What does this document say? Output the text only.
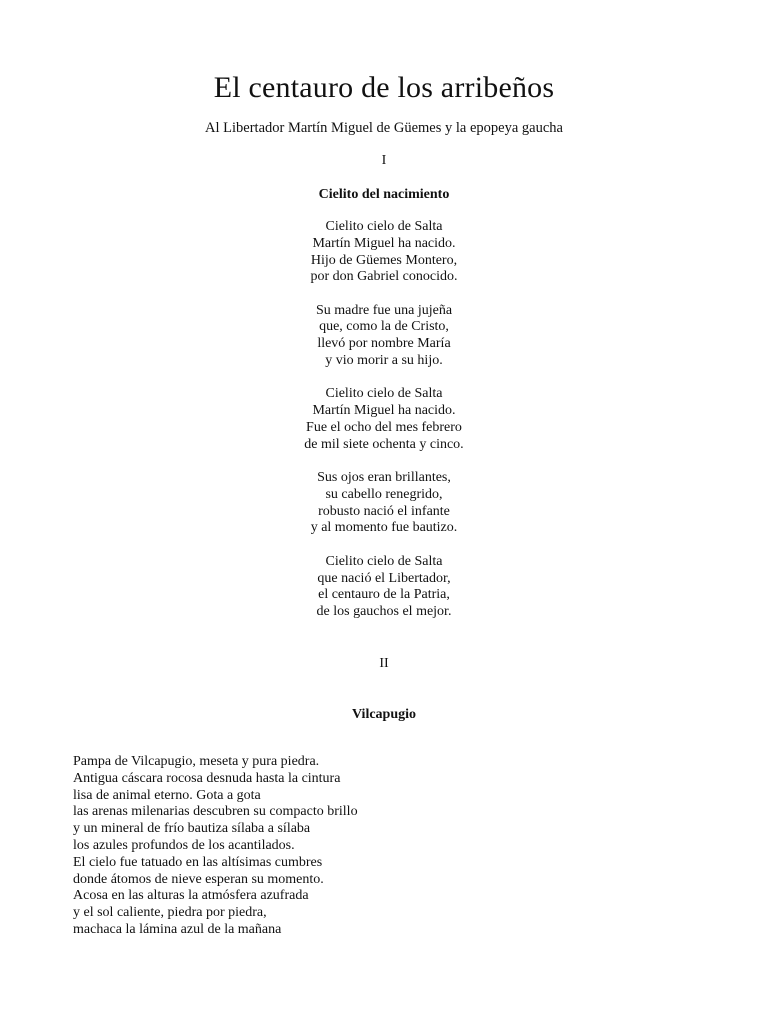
El centauro de los arribeños

Al Libertador Martín Miguel de Güemes y la epopeya gaucha

I

Cielito del nacimiento

Cielito cielo de Salta
Martín Miguel ha nacido.
Hijo de Güemes Montero,
por don Gabriel conocido.
Su madre fue una jujeña
que, como la de Cristo,
llevó por nombre María
y vio morir a su hijo.
Cielito cielo de Salta
Martín Miguel ha nacido.
Fue el ocho del mes febrero
de mil siete ochenta y cinco.
Sus ojos eran brillantes,
su cabello renegrido,
robusto nació el infante
y al momento fue bautizo.
Cielito cielo de Salta
que nació el Libertador,
el centauro de la Patria,
de los gauchos el mejor.

II

Vilcapugio

Pampa de Vilcapugio, meseta y pura piedra.
Antigua cáscara rocosa desnuda hasta la cintura
lisa de animal eterno. Gota a gota
las arenas milenarias descubren su compacto brillo
y un mineral de frío bautiza sílaba a sílaba
los azules profundos de los acantilados.
El cielo fue tatuado en las altísimas cumbres
donde átomos de nieve esperan su momento.
Acosa en las alturas la atmósfera azufrada
y el sol caliente, piedra por piedra,
machaca la lámina azul de la mañana
